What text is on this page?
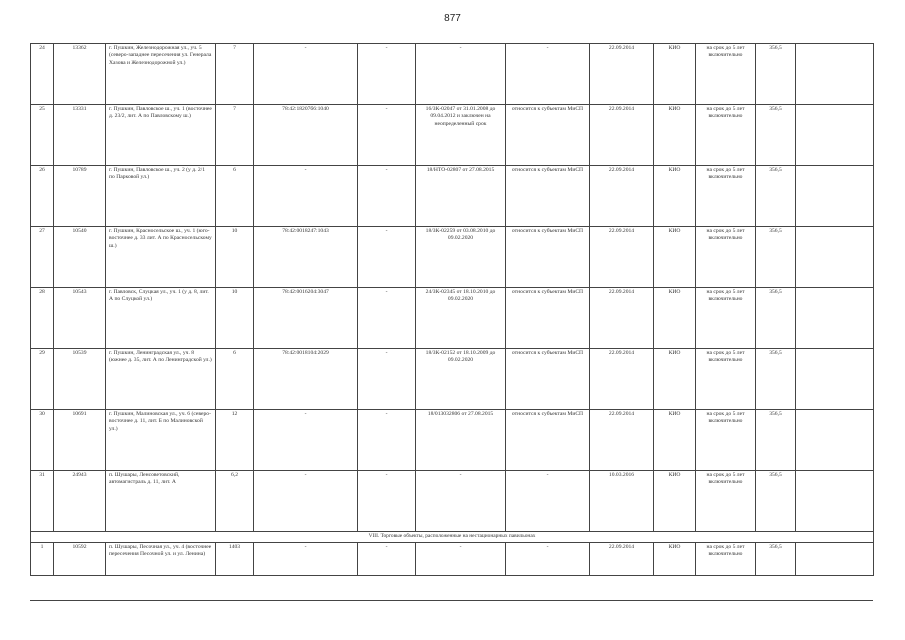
877
24	13362	г. Пушкин, Железнодорожная ул., уч. 5 (северо-западнее пересечения ул. Генерала Хазова и Железнодорожной ул.)	7	-	-	-	-	22.09.2014	КИО	на срок до 5 лет включительно	356,5	
25	13331	г. Пушкин, Павловское ш., уч. 1 (восточнее д. 23/2, лит. А по Павловскому ш.)	7	78:42:18207б6:1040	-	16/ЗК-02047 от 31.01.2008 до 09.04.2012 и заключен на неопределенный срок	относится к субъектам МиСП	22.09.2014	КИО	на срок до 5 лет включительно	356,5	
26	10789	г. Пушкин, Павловское ш., уч. 2 (у д. 2/1 по Парковой ул.)	6	-	-	18/НТО-02807 от 27.08.2015	относится к субъектам МиСП	22.09.2014	КИО	на срок до 5 лет включительно	356,5	
27	10540	г. Пушкин, Красносельское ш., уч. 1 (юго-восточнее д. 33 лит. А по Красносельскому ш.)	10	78:42:0018247:1043	-	18/ЗК-02259 от 03.08.2010 до 09.02.2020	относится к субъектам МиСП	22.09.2014	КИО	на срок до 5 лет включительно	356,5	
28	10543	г. Павловск, Слуцкая ул., уч. 1 (у д. 8, лит. А по Слуцкой ул.)	10	78:42:0016204:3047	-	24/ЗК-02345 от 18.10.2010 до 09.02.2020	относится к субъектам МиСП	22.09.2014	КИО	на срок до 5 лет включительно	356,5	
29	10539	г. Пушкин, Ленинградская ул., уч. 8 (южнее д. 35, лит. А по Ленинградской ул.)	6	78:42:0018104:2029	-	18/ЗК-02152 от 18.10.2009 до 09.02.2020	относится к субъектам МиСП	22.09.2014	КИО	на срок до 5 лет включительно	356,5	
30	10691	г. Пушкин, Малиновская ул., уч. 6 (северо-восточнее д. 11, лит. Б по Малиновской ул.)	12	-	-	18/013032806 от 27.08.2015	относится к субъектам МиСП	22.09.2014	КИО	на срок до 5 лет включительно	356,5	
31	24943	п. Шушары, Ленсоветовский, автомагистраль д. 11, лит. А	6,2	-	-	-	-	10.03.2016	КИО	на срок до 5 лет включительно	356,5	
VIII. Торговые объекты, расположенные на нестационарных павильонах												
1	10592	п. Шушары, Песочная ул., уч. 4 (восточнее пересечения Песочной ул. и ул. Ленина)	1403	-	-	-	-	22.09.2014	КИО	на срок до 5 лет включительно	356,5	
